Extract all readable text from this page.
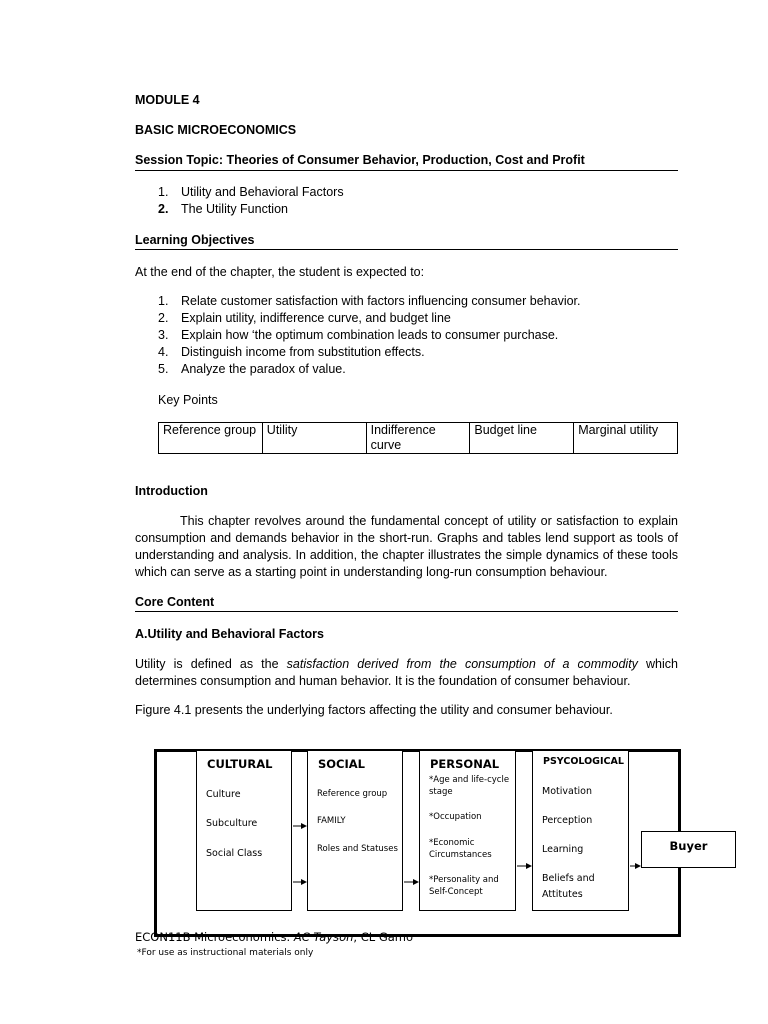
MODULE 4
BASIC MICROECONOMICS
Session Topic: Theories of Consumer Behavior, Production, Cost and Profit
1. Utility and Behavioral Factors
2. The Utility Function
Learning Objectives
At the end of the chapter, the student is expected to:
1. Relate customer satisfaction with factors influencing consumer behavior.
2. Explain utility, indifference curve, and budget line
3. Explain how ‘the optimum combination leads to consumer purchase.
4. Distinguish income from substitution effects.
5. Analyze the paradox of value.
Key Points
Reference group	Utility	Indifference curve	Budget line	Marginal utility
Introduction
This chapter revolves around the fundamental concept of utility or satisfaction to explain consumption and demands behavior in the short-run. Graphs and tables lend support as tools of understanding and analysis. In addition, the chapter illustrates the simple dynamics of these tools which can serve as a starting point in understanding long-run consumption behaviour.
Core Content
A.Utility and Behavioral Factors
Utility is defined as the satisfaction derived from the consumption of a commodity which determines consumption and human behavior. It is the foundation of consumer behaviour.
Figure 4.1 presents the underlying factors affecting the utility and consumer behaviour.
CULTURAL
Culture
Subculture
Social Class
SOCIAL
Reference group
FAMILY
Roles and Statuses
PERSONAL
*Age and life-cycle
stage
*Occupation
*Economic
Circumstances
*Personality and
Self-Concept
PSYCOLOGICAL
Motivation
Perception
Learning
Beliefs and
Attitutes
Buyer
ECON11B Microeconomics. AC Tayson, CL Gamo
*For use as instructional materials only
